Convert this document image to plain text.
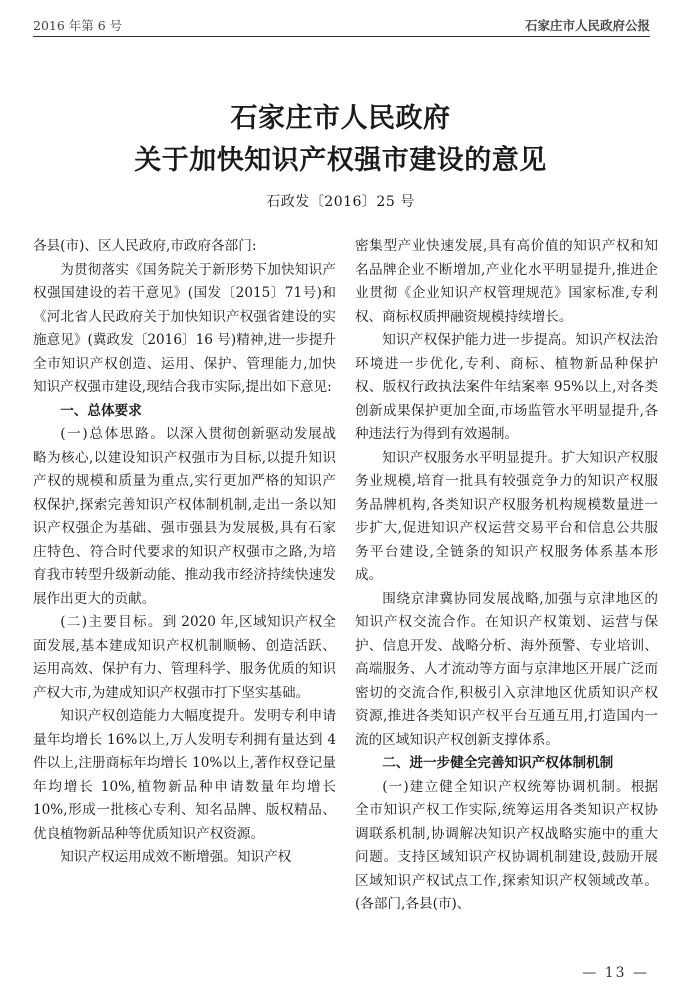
2016 年第 6 号	石家庄市人民政府公报
石家庄市人民政府
关于加快知识产权强市建设的意见
石政发〔2016〕25 号

各县(市)、区人民政府,市政府各部门:

为贯彻落实《国务院关于新形势下加快知识产权强国建设的若干意见》(国发〔2015〕71号)和《河北省人民政府关于加快知识产权强省建设的实施意见》(冀政发〔2016〕16 号)精神,进一步提升全市知识产权创造、运用、保护、管理能力,加快知识产权强市建设,现结合我市实际,提出如下意见:

一、总体要求

(一)总体思路。以深入贯彻创新驱动发展战略为核心,以建设知识产权强市为目标,以提升知识产权的规模和质量为重点,实行更加严格的知识产权保护,探索完善知识产权体制机制,走出一条以知识产权强企为基础、强市强县为发展极,具有石家庄特色、符合时代要求的知识产权强市之路,为培育我市转型升级新动能、推动我市经济持续快速发展作出更大的贡献。

(二)主要目标。到 2020 年,区域知识产权全面发展,基本建成知识产权机制顺畅、创造活跃、运用高效、保护有力、管理科学、服务优质的知识产权大市,为建成知识产权强市打下坚实基础。

知识产权创造能力大幅度提升。发明专利申请量年均增长 16%以上,万人发明专利拥有量达到 4 件以上,注册商标年均增长 10%以上,著作权登记量年均增长 10%,植物新品种申请数量年均增长 10%,形成一批核心专利、知名品牌、版权精品、优良植物新品种等优质知识产权资源。

知识产权运用成效不断增强。知识产权

密集型产业快速发展,具有高价值的知识产权和知名品牌企业不断增加,产业化水平明显提升,推进企业贯彻《企业知识产权管理规范》国家标准,专利权、商标权质押融资规模持续增长。

知识产权保护能力进一步提高。知识产权法治环境进一步优化,专利、商标、植物新品种保护权、版权行政执法案件年结案率 95%以上,对各类创新成果保护更加全面,市场监管水平明显提升,各种违法行为得到有效遏制。

知识产权服务水平明显提升。扩大知识产权服务业规模,培育一批具有较强竞争力的知识产权服务品牌机构,各类知识产权服务机构规模数量进一步扩大,促进知识产权运营交易平台和信息公共服务平台建设,全链条的知识产权服务体系基本形成。

围绕京津冀协同发展战略,加强与京津地区的知识产权交流合作。在知识产权策划、运营与保护、信息开发、战略分析、海外预警、专业培训、高端服务、人才流动等方面与京津地区开展广泛而密切的交流合作,积极引入京津地区优质知识产权资源,推进各类知识产权平台互通互用,打造国内一流的区域知识产权创新支撑体系。

二、进一步健全完善知识产权体制机制

(一)建立健全知识产权统筹协调机制。根据全市知识产权工作实际,统筹运用各类知识产权协调联系机制,协调解决知识产权战略实施中的重大问题。支持区域知识产权协调机制建设,鼓励开展区域知识产权试点工作,探索知识产权领域改革。(各部门,各县(市)、

— 13 —
